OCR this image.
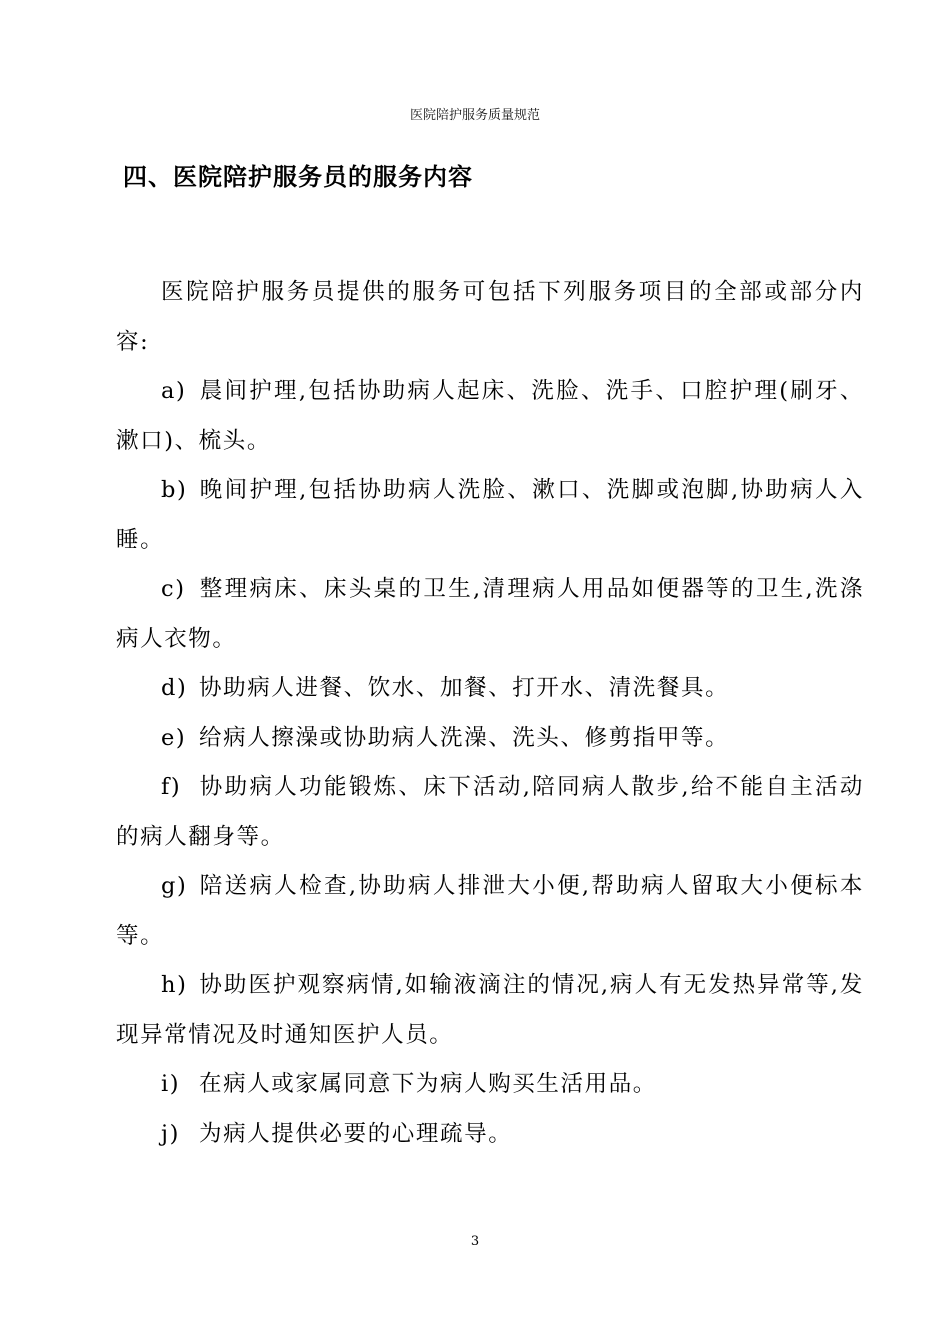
医院陪护服务质量规范
四、医院陪护服务员的服务内容

医院陪护服务员提供的服务可包括下列服务项目的全部或部分内容:

a) 晨间护理,包括协助病人起床、洗脸、洗手、口腔护理(刷牙、漱口)、梳头。

b) 晚间护理,包括协助病人洗脸、漱口、洗脚或泡脚,协助病人入睡。

c) 整理病床、床头桌的卫生,清理病人用品如便器等的卫生,洗涤病人衣物。

d) 协助病人进餐、饮水、加餐、打开水、清洗餐具。

e) 给病人擦澡或协助病人洗澡、洗头、修剪指甲等。

f) 协助病人功能锻炼、床下活动,陪同病人散步,给不能自主活动的病人翻身等。

g) 陪送病人检查,协助病人排泄大小便,帮助病人留取大小便标本等。

h) 协助医护观察病情,如输液滴注的情况,病人有无发热异常等,发现异常情况及时通知医护人员。

i) 在病人或家属同意下为病人购买生活用品。

j) 为病人提供必要的心理疏导。

3
